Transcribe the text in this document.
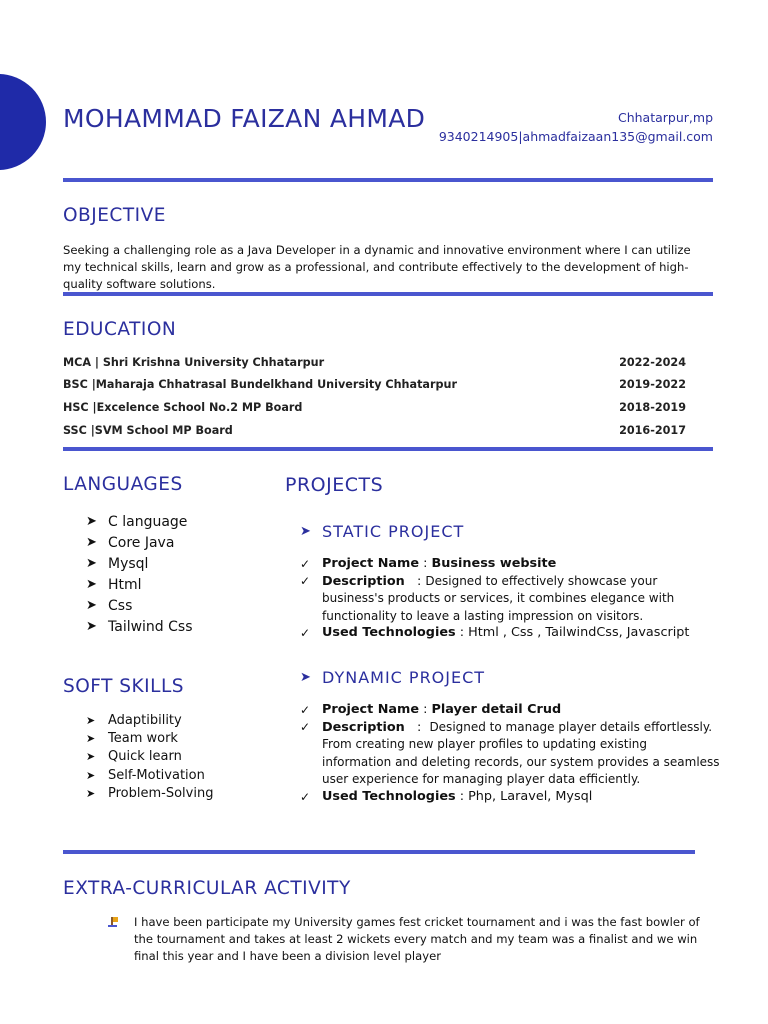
MOHAMMAD FAIZAN AHMAD	Chhatarpur,mp
9340214905|ahmadfaizaan135@gmail.com
OBJECTIVE
Seeking a challenging role as a Java Developer in a dynamic and innovative environment where I can utilize my technical skills, learn and grow as a professional, and contribute effectively to the development of high-quality software solutions.
EDUCATION
MCA | Shri Krishna University Chhatarpur	2022-2024
BSC |Maharaja Chhatrasal Bundelkhand University Chhatarpur	2019-2022
HSC |Excelence School No.2 MP Board	2018-2019
SSC |SVM School MP Board	2016-2017
LANGUAGES
➤ C language
➤ Core Java
➤ Mysql
➤ Html
➤ Css
➤ Tailwind Css
SOFT SKILLS
➤ Adaptibility
➤ Team work
➤ Quick learn
➤ Self-Motivation
➤ Problem-Solving
PROJECTS
➤ STATIC PROJECT
✓ Project Name : Business website
✓ Description   : Designed to effectively showcase your business's products or services, it combines elegance with functionality to leave a lasting impression on visitors.
✓ Used Technologies : Html , Css , TailwindCss, Javascript
➤ DYNAMIC PROJECT
✓ Project Name : Player detail Crud
✓ Description   :  Designed to manage player details effortlessly. From creating new player profiles to updating existing information and deleting records, our system provides a seamless user experience for managing player data efficiently.
✓ Used Technologies : Php, Laravel, Mysql
EXTRA-CURRICULAR ACTIVITY
I have been participate my University games fest cricket tournament and i was the fast bowler of the tournament and takes at least 2 wickets every match and my team was a finalist and we win final this year and I have been a division level player
